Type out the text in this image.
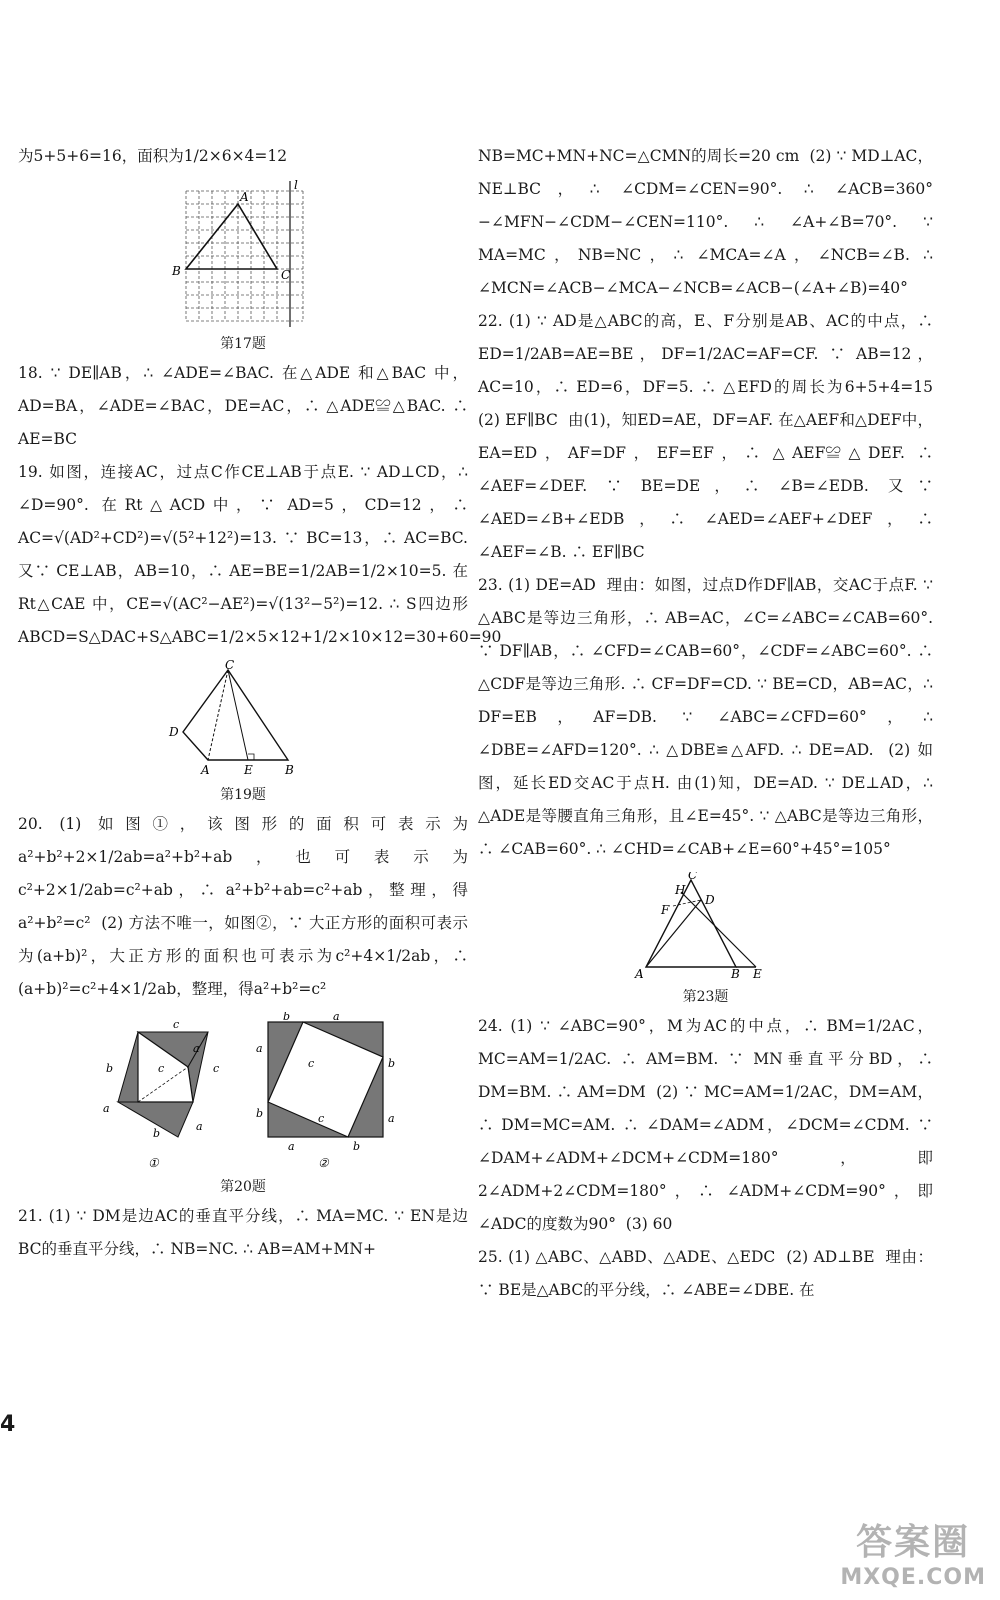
为5+5+6=16，面积为1/2×6×4=12

A
B	C
l
第17题

18. ∵ DE∥AB，∴ ∠ADE=∠BAC. 在△ADE 和△BAC 中，AD=BA，∠ADE=∠BAC，DE=AC，∴ △ADE≌△BAC. ∴ AE=BC

19. 如图，连接AC，过点C作CE⊥AB于点E. ∵ AD⊥CD，∴ ∠D=90°. 在Rt△ACD中，∵ AD=5，CD=12，∴ AC=√(AD²+CD²)=√(5²+12²)=13. ∵ BC=13，∴ AC=BC. 又∵ CE⊥AB，AB=10，∴ AE=BE=1/2AB=1/2×10=5. 在Rt△CAE 中，CE=√(AC²−AE²)=√(13²−5²)=12. ∴ S四边形ABCD=S△DAC+S△ABC=1/2×5×12+1/2×10×12=30+60=90

C
D
A	E	B
第19题

20. (1) 如图①，该图形的面积可表示为a²+b²+2×1/2ab=a²+b²+ab，也可表示为c²+2×1/2ab=c²+ab，∴ a²+b²+ab=c²+ab，整理，得a²+b²=c²  (2) 方法不唯一，如图②，∵ 大正方形的面积可表示为(a+b)²，大正方形的面积也可表示为c²+4×1/2ab，∴ (a+b)²=c²+4×1/2ab，整理，得a²+b²=c²

c
b
a
c	c
a
b
a
①
b	a
a
b
b
a
a	b
c
c
②
第20题

21. (1) ∵ DM是边AC的垂直平分线，∴ MA=MC. ∵ EN是边BC的垂直平分线，∴ NB=NC. ∴ AB=AM+MN+

NB=MC+MN+NC=△CMN的周长=20 cm  (2) ∵ MD⊥AC，NE⊥BC，∴ ∠CDM=∠CEN=90°. ∴ ∠ACB=360°−∠MFN−∠CDM−∠CEN=110°. ∴ ∠A+∠B=70°. ∵ MA=MC，NB=NC，∴ ∠MCA=∠A，∠NCB=∠B. ∴ ∠MCN=∠ACB−∠MCA−∠NCB=∠ACB−(∠A+∠B)=40°

22. (1) ∵ AD是△ABC的高，E、F分别是AB、AC的中点，∴ ED=1/2AB=AE=BE，DF=1/2AC=AF=CF. ∵ AB=12，AC=10，∴ ED=6，DF=5. ∴ △EFD的周长为6+5+4=15  (2) EF∥BC  由(1)，知ED=AE，DF=AF. 在△AEF和△DEF中，EA=ED，AF=DF，EF=EF，∴ △AEF≌△DEF. ∴ ∠AEF=∠DEF. ∵ BE=DE，∴ ∠B=∠EDB. 又∵ ∠AED=∠B+∠EDB，∴ ∠AED=∠AEF+∠DEF，∴ ∠AEF=∠B. ∴ EF∥BC

23. (1) DE=AD  理由：如图，过点D作DF∥AB，交AC于点F. ∵ △ABC是等边三角形，∴ AB=AC，∠C=∠ABC=∠CAB=60°. ∵ DF∥AB，∴ ∠CFD=∠CAB=60°，∠CDF=∠ABC=60°. ∴ △CDF是等边三角形. ∴ CF=DF=CD. ∵ BE=CD，AB=AC，∴ DF=EB，AF=DB. ∵ ∠ABC=∠CFD=60°，∴ ∠DBE=∠AFD=120°. ∴ △DBE≌△AFD. ∴ DE=AD.  (2) 如图，延长ED交AC于点H. 由(1)知，DE=AD. ∵ DE⊥AD，∴ △ADE是等腰直角三角形，且∠E=45°. ∵ △ABC是等边三角形，∴ ∠CAB=60°. ∴ ∠CHD=∠CAB+∠E=60°+45°=105°

C
H
D
F
A	B E
第23题

24. (1) ∵ ∠ABC=90°，M为AC的中点，∴ BM=1/2AC，MC=AM=1/2AC. ∴ AM=BM. ∵ MN垂直平分BD，∴ DM=BM. ∴ AM=DM  (2) ∵ MC=AM=1/2AC，DM=AM，∴ DM=MC=AM. ∴ ∠DAM=∠ADM，∠DCM=∠CDM. ∵ ∠DAM+∠ADM+∠DCM+∠CDM=180°，即2∠ADM+2∠CDM=180°，∴ ∠ADM+∠CDM=90°，即∠ADC的度数为90°  (3) 60

25. (1) △ABC、△ABD、△ADE、△EDC  (2) AD⊥BE  理由：∵ BE是△ABC的平分线，∴ ∠ABE=∠DBE. 在

4
答案圈
MXQE.COM
